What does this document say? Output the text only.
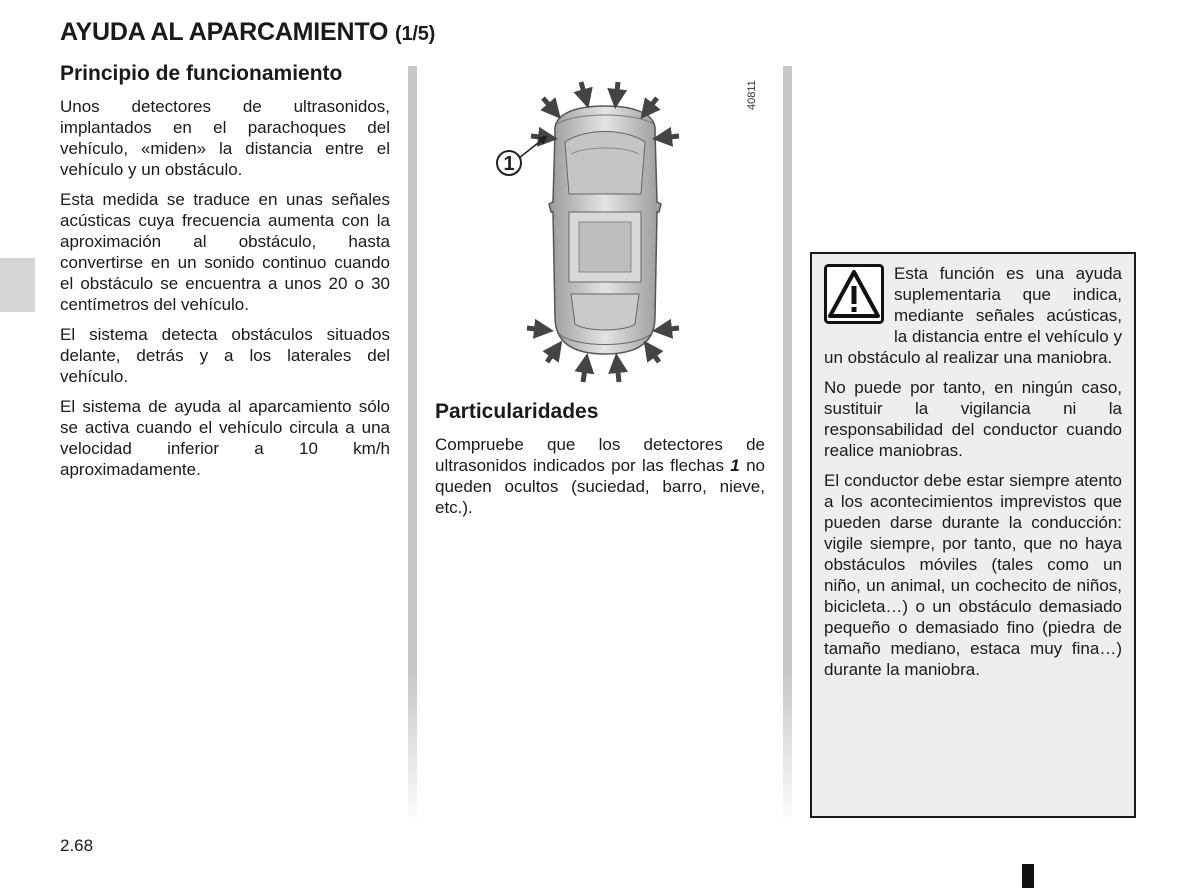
AYUDA AL APARCAMIENTO (1/5)
Principio de funcionamiento

Unos detectores de ultrasonidos, implantados en el parachoques del vehículo, «miden» la distancia entre el vehículo y un obstáculo.

Esta medida se traduce en unas señales acústicas cuya frecuencia aumenta con la aproximación al obstáculo, hasta convertirse en un sonido continuo cuando el obstáculo se encuentra a unos 20 o 30 centímetros del vehículo.

El sistema detecta obstáculos situados delante, detrás y a los laterales del vehículo.

El sistema de ayuda al aparcamiento sólo se activa cuando el vehículo circula a una velocidad inferior a 10 km/h aproximadamente.

1
40811
Particularidades

Compruebe que los detectores de ultrasonidos indicados por las flechas 1 no queden ocultos (suciedad, barro, nieve, etc.).

Esta función es una ayuda suplementaria que indica, mediante señales acústicas, la distancia entre el vehículo y un obstáculo al realizar una maniobra.

No puede por tanto, en ningún caso, sustituir la vigilancia ni la responsabilidad del conductor cuando realice maniobras.

El conductor debe estar siempre atento a los acontecimientos imprevistos que pueden darse durante la conducción: vigile siempre, por tanto, que no haya obstáculos móviles (tales como un niño, un animal, un cochecito de niños, bicicleta…) o un obstáculo demasiado pequeño o demasiado fino (piedra de tamaño mediano, estaca muy fina…) durante la maniobra.

2.68
